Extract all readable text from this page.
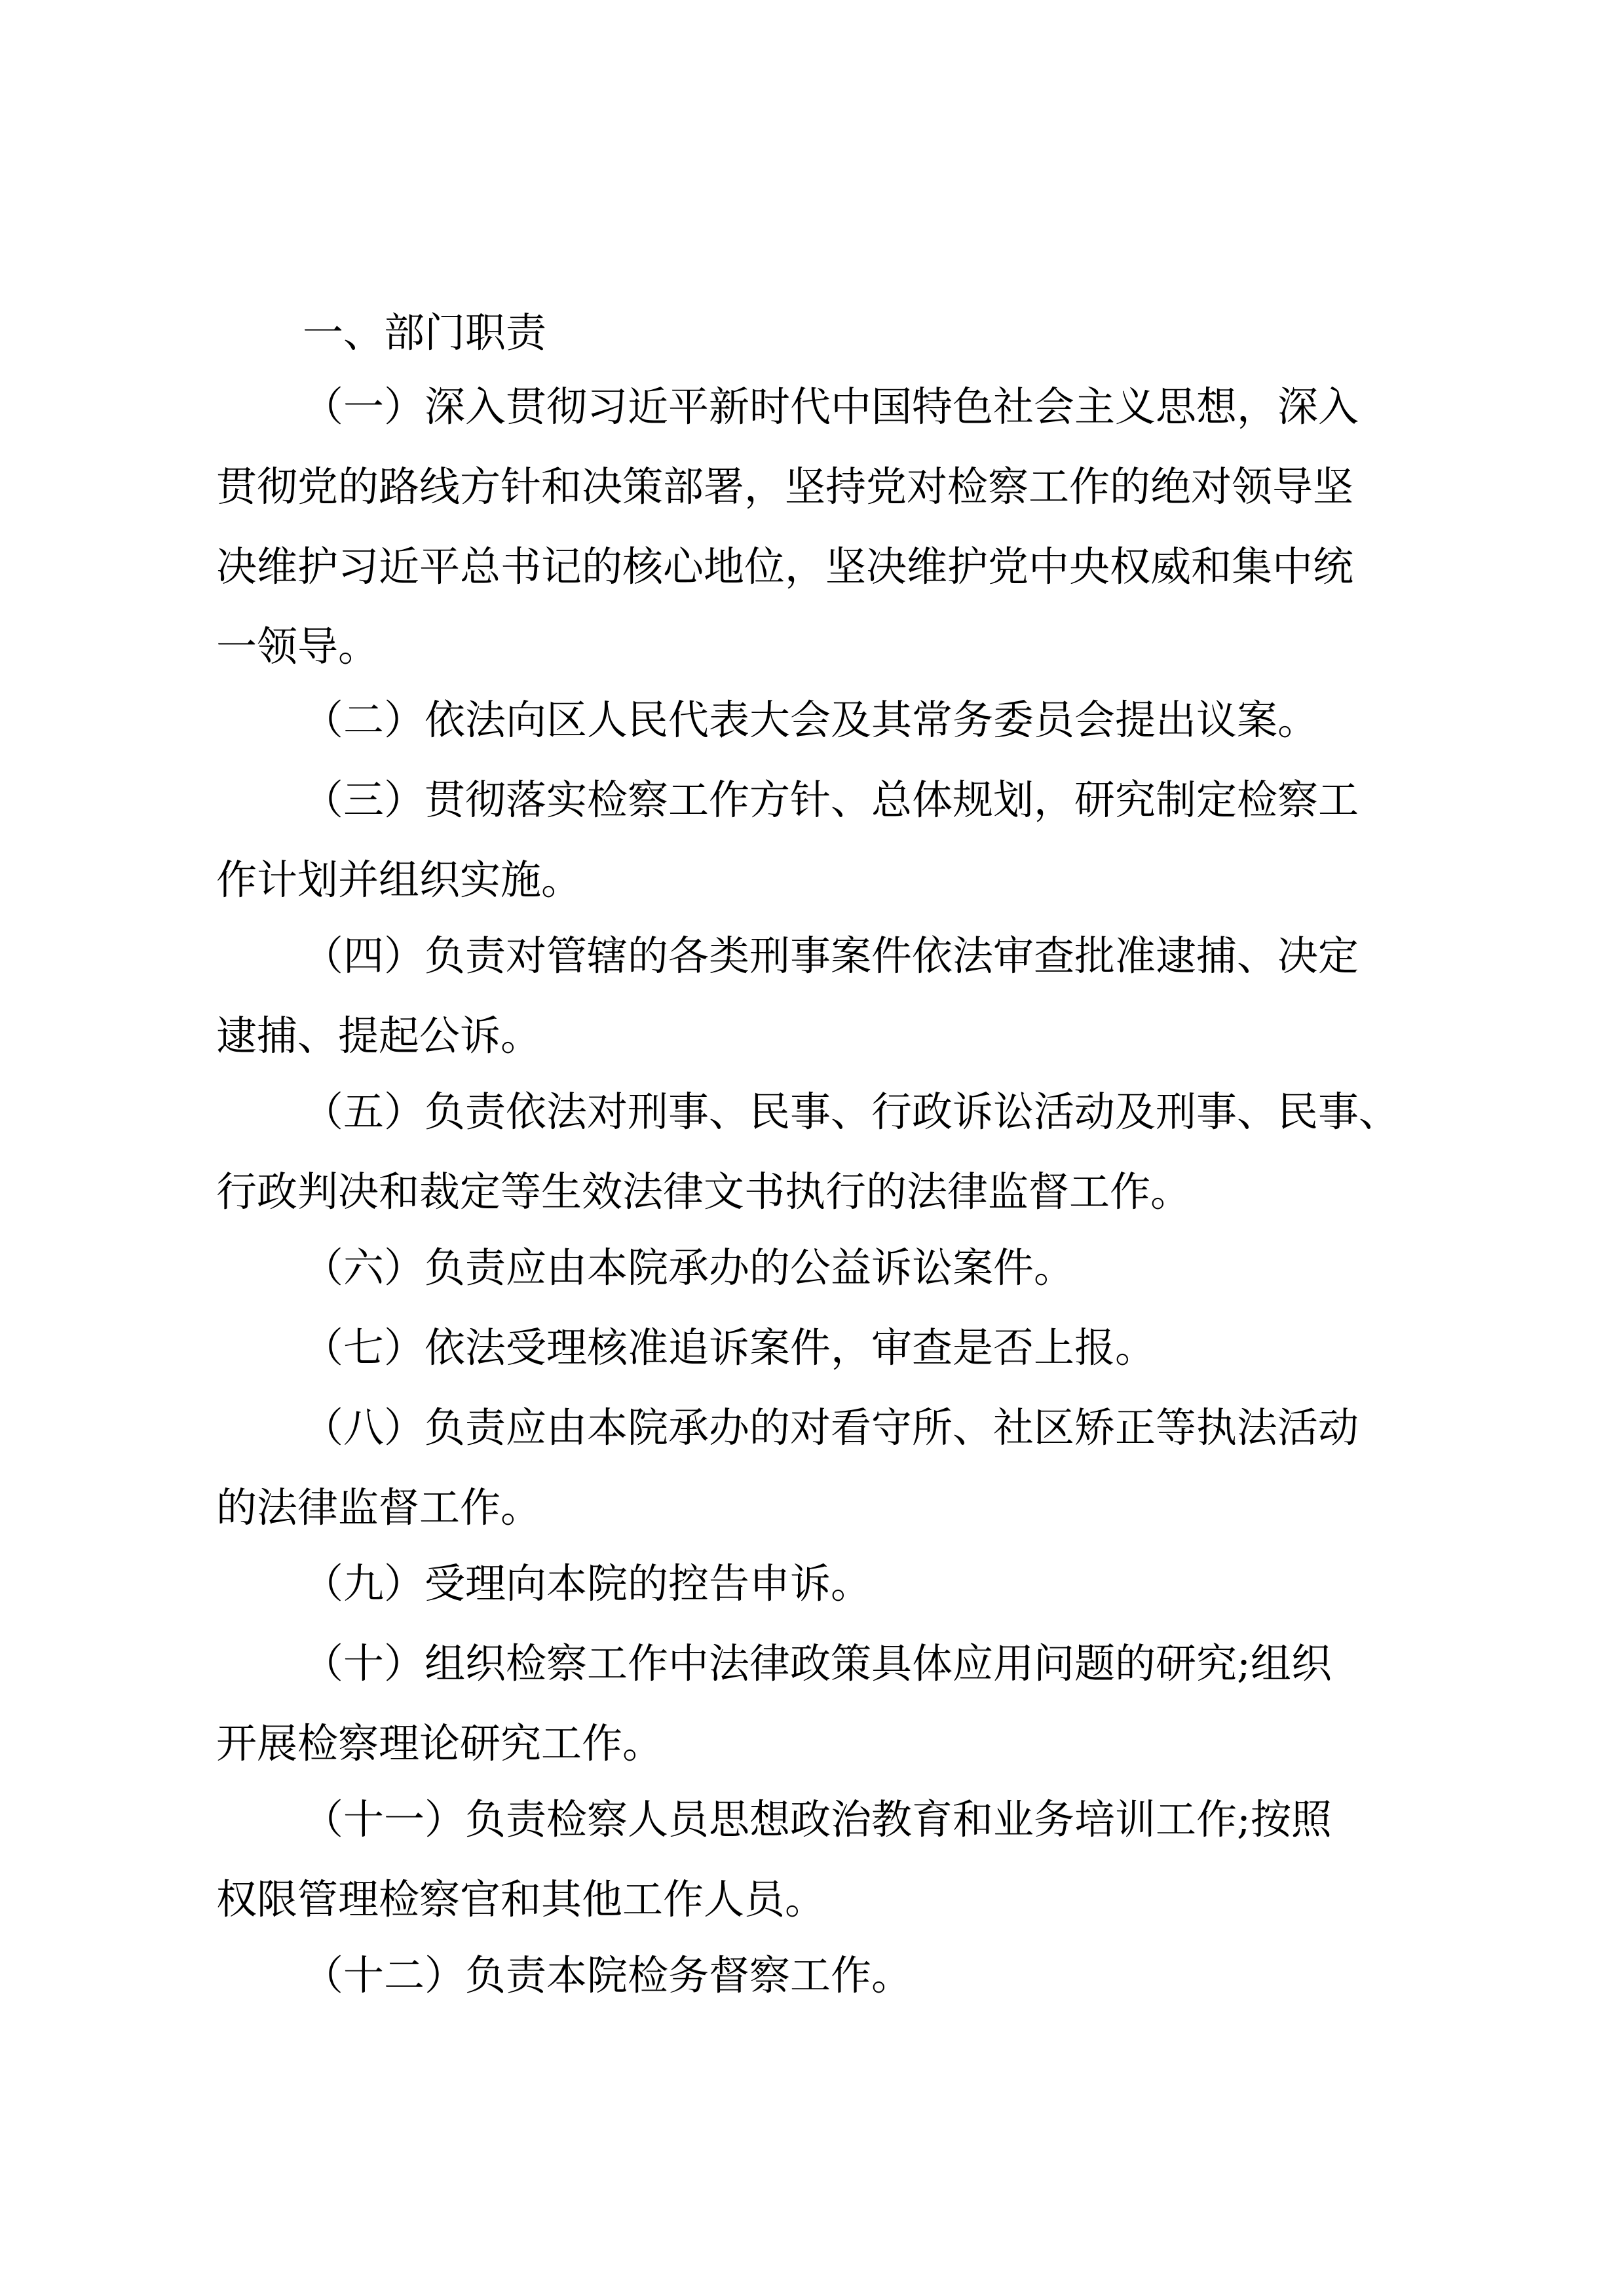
一、部门职责
（一）深入贯彻习近平新时代中国特色社会主义思想，深入
贯彻党的路线方针和决策部署，坚持党对检察工作的绝对领导坚
决维护习近平总书记的核心地位，坚决维护党中央权威和集中统
一领导。
（二）依法向区人民代表大会及其常务委员会提出议案。
（三）贯彻落实检察工作方针、总体规划，研究制定检察工
作计划并组织实施。
（四）负责对管辖的各类刑事案件依法审查批准逮捕、决定
逮捕、提起公诉。
（五）负责依法对刑事、民事、行政诉讼活动及刑事、民事、
行政判决和裁定等生效法律文书执行的法律监督工作。
（六）负责应由本院承办的公益诉讼案件。
（七）依法受理核准追诉案件，审查是否上报。
（八）负责应由本院承办的对看守所、社区矫正等执法活动
的法律监督工作。
（九）受理向本院的控告申诉。
（十）组织检察工作中法律政策具体应用问题的研究;组织
开展检察理论研究工作。
（十一）负责检察人员思想政治教育和业务培训工作;按照
权限管理检察官和其他工作人员。
（十二）负责本院检务督察工作。
